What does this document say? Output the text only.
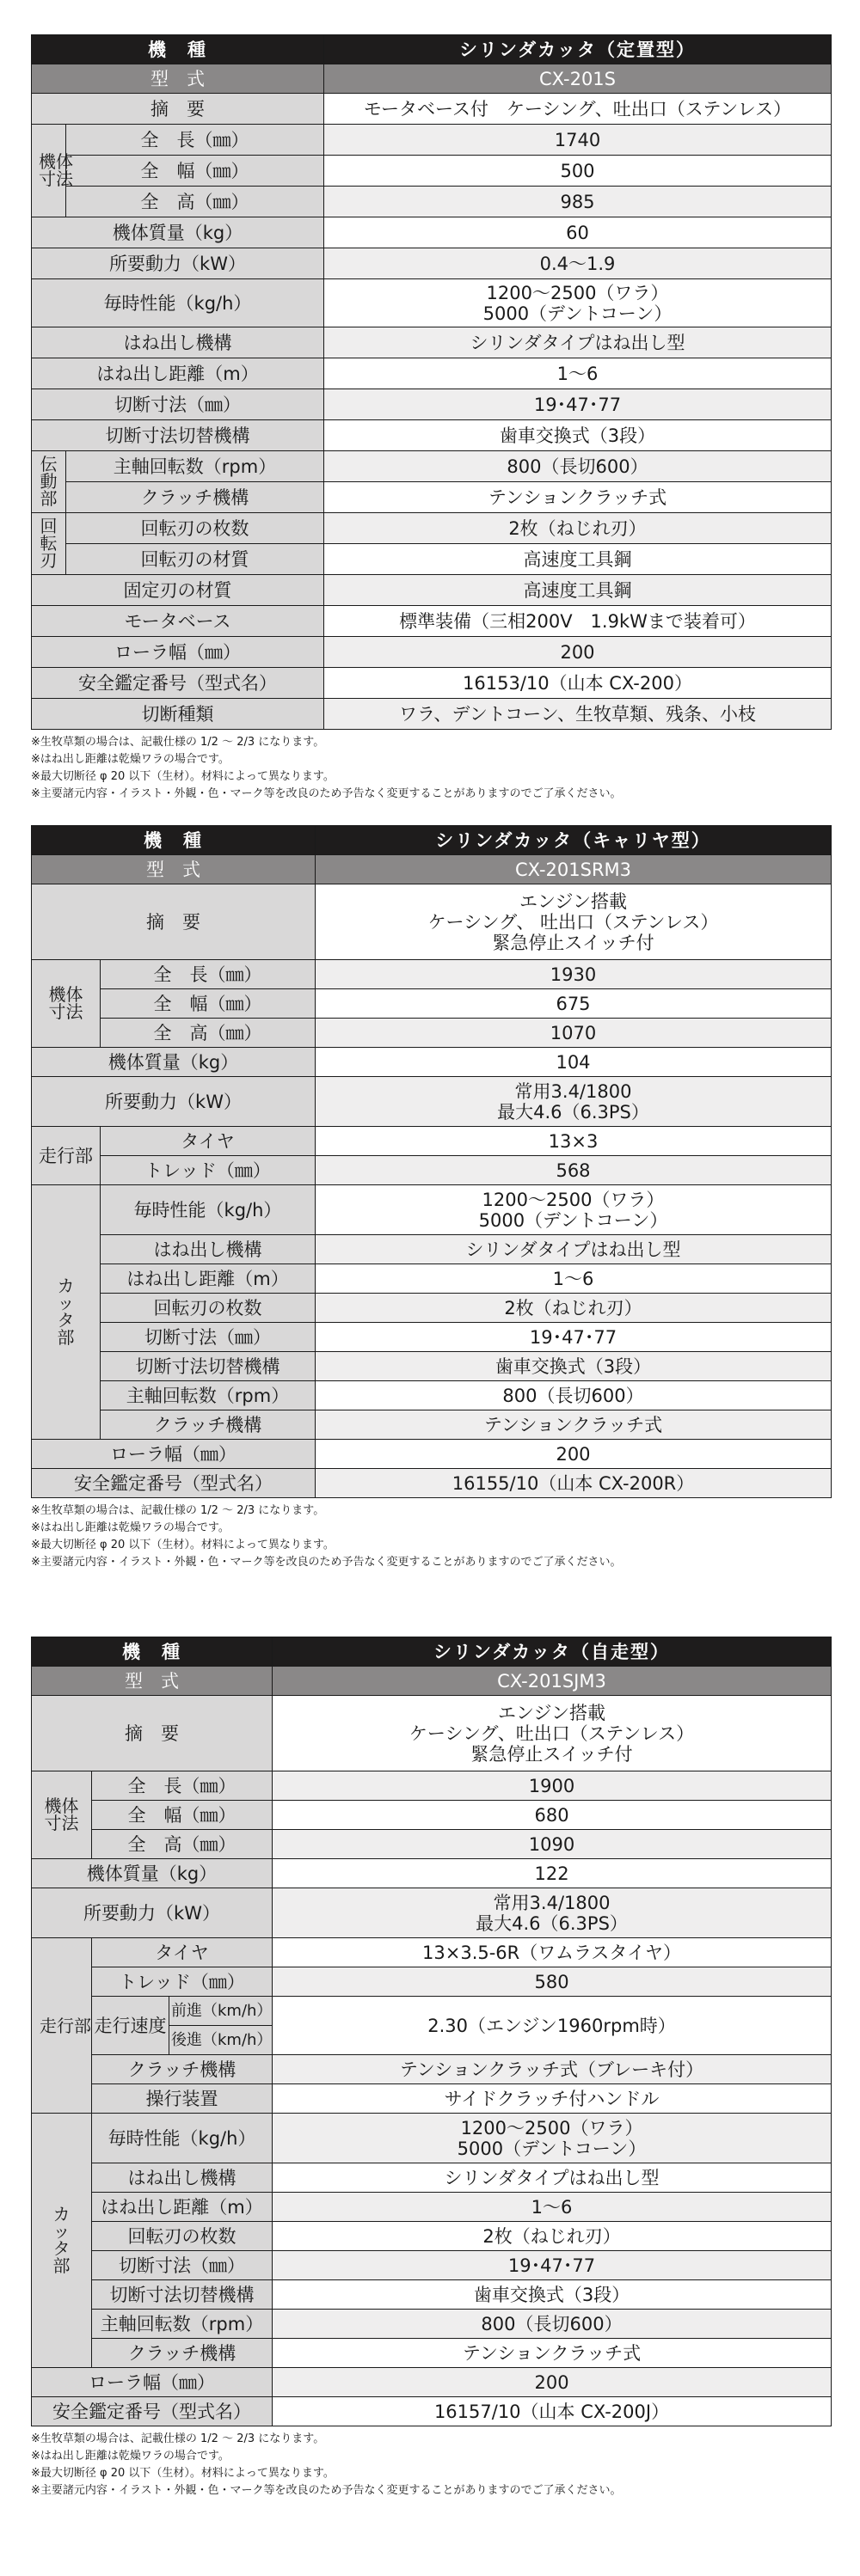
機　種		シリンダカッタ（定置型）
型　式		CX-201S
摘　要		モータベース付　ケーシング、吐出口（ステンレス）
機体寸法	全　長（㎜）	1740
	全　幅（㎜）	500
	全　高（㎜）	985
機体質量（kg）		60
所要動力（kW）		0.4〜1.9
毎時性能（kg/h）		1200〜2500（ワラ）
5000（デントコーン）

はね出し機構		シリンダタイプはね出し型
はね出し距離（m）		1〜6
切断寸法（㎜）		19･47･77
切断寸法切替機構		歯車交換式（3段）
伝動部	主軸回転数（rpm）	800（長切600）
	クラッチ機構	テンションクラッチ式
回転刃	回転刃の枚数	2枚（ねじれ刃）
	回転刃の材質	高速度工具鋼
固定刃の材質		高速度工具鋼
モータベース		標準装備（三相200V　1.9kWまで装着可）
ローラ幅（㎜）		200
安全鑑定番号（型式名）		16153/10（山本 CX-200）
切断種類		ワラ、デントコーン、生牧草類、残条、小枝
※生牧草類の場合は、記載仕様の 1/2 〜 2/3 になります。
※はね出し距離は乾燥ワラの場合です。
※最大切断径 φ 20 以下（生材）。材料によって異なります。
※主要諸元内容・イラスト・外観・色・マーク等を改良のため予告なく変更することがありますのでご了承ください。
機　種		シリンダカッタ（キャリヤ型）
型　式		CX-201SRM3
摘　要		エンジン搭載
ケーシング、 吐出口（ステンレス）
緊急停止スイッチ付

機体寸法	全　長（㎜）	1930
	全　幅（㎜）	675
	全　高（㎜）	1070
機体質量（kg）		104
所要動力（kW）		常用3.4/1800
最大4.6（6.3PS）

走行部	タイヤ	13×3
	トレッド（㎜）	568
カッタ部	毎時性能（kg/h）	1200〜2500（ワラ）
5000（デントコーン）

	はね出し機構	シリンダタイプはね出し型
	はね出し距離（m）	1〜6
	回転刃の枚数	2枚（ねじれ刃）
	切断寸法（㎜）	19･47･77
	切断寸法切替機構	歯車交換式（3段）
	主軸回転数（rpm）	800（長切600）
	クラッチ機構	テンションクラッチ式
ローラ幅（㎜）		200
安全鑑定番号（型式名）		16155/10（山本 CX-200R）
※生牧草類の場合は、記載仕様の 1/2 〜 2/3 になります。
※はね出し距離は乾燥ワラの場合です。
※最大切断径 φ 20 以下（生材）。材料によって異なります。
※主要諸元内容・イラスト・外観・色・マーク等を改良のため予告なく変更することがありますのでご了承ください。
機　種			シリンダカッタ（自走型）
型　式			CX-201SJM3
摘　要			エンジン搭載
ケーシング、吐出口（ステンレス）
緊急停止スイッチ付

機体寸法	全　長（㎜）		1900
	全　幅（㎜）		680
	全　高（㎜）		1090
機体質量（kg）			122
所要動力（kW）			常用3.4/1800
最大4.6（6.3PS）

走行部	タイヤ		13×3.5-6R（ワムラスタイヤ）
	トレッド（㎜）		580
	走行速度	前進（km/h）	2.30（エンジン1960rpm時）
		後進（km/h）	
	クラッチ機構		テンションクラッチ式（ブレーキ付）
	操行装置		サイドクラッチ付ハンドル
カッタ部	毎時性能（kg/h）		1200〜2500（ワラ）
5000（デントコーン）

	はね出し機構		シリンダタイプはね出し型
	はね出し距離（m）		1〜6
	回転刃の枚数		2枚（ねじれ刃）
	切断寸法（㎜）		19･47･77
	切断寸法切替機構		歯車交換式（3段）
	主軸回転数（rpm）		800（長切600）
	クラッチ機構		テンションクラッチ式
ローラ幅（㎜）			200
安全鑑定番号（型式名）			16157/10（山本 CX-200J）
※生牧草類の場合は、記載仕様の 1/2 〜 2/3 になります。
※はね出し距離は乾燥ワラの場合です。
※最大切断径 φ 20 以下（生材）。材料によって異なります。
※主要諸元内容・イラスト・外観・色・マーク等を改良のため予告なく変更することがありますのでご了承ください。
